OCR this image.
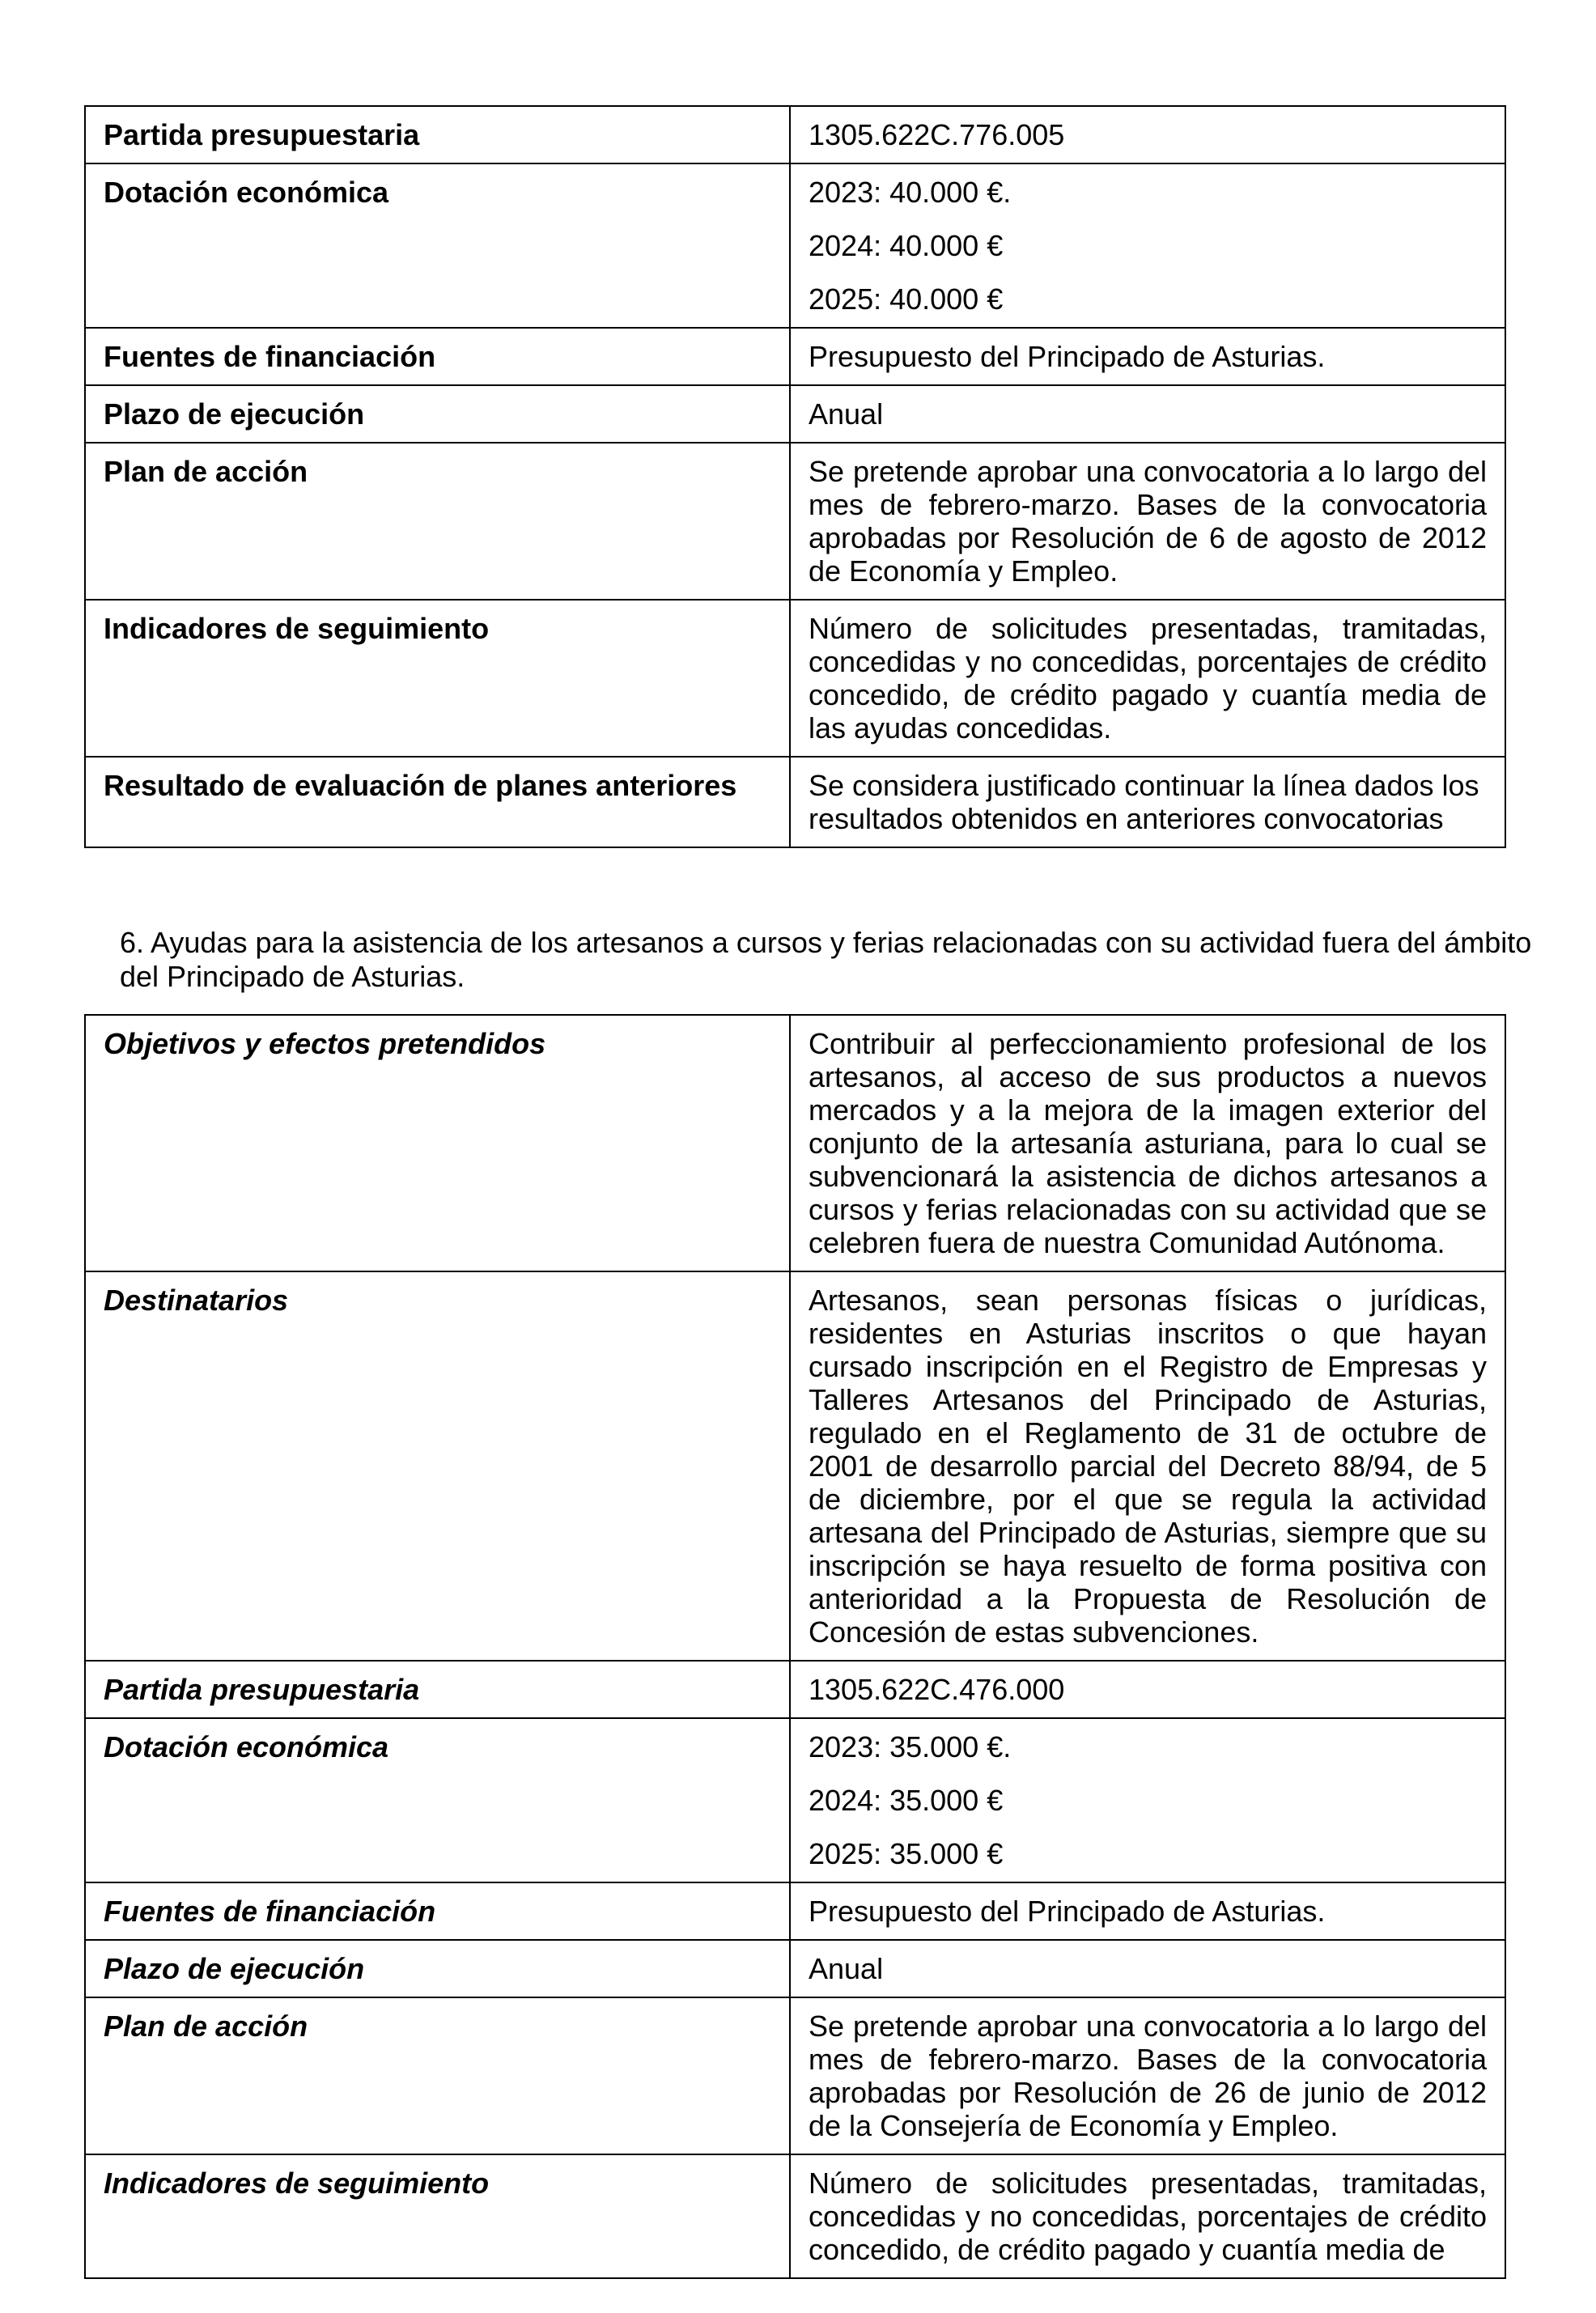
Partida presupuestaria	1305.622C.776.005

Dotación económica	2023: 40.000 €.
2024: 40.000 €
2025: 40.000 €

Fuentes de financiación	Presupuesto del Principado de Asturias.

Plazo de ejecución	Anual

Plan de acción	Se pretende aprobar una convocatoria a lo largo del mes de febrero-marzo. Bases de la convocatoria aprobadas por Resolución de 6 de agosto de 2012 de Economía y Empleo.

Indicadores de seguimiento	Número de solicitudes presentadas, tramitadas, concedidas y no concedidas, porcentajes de crédito concedido, de crédito pagado y cuantía media de las ayudas concedidas.

Resultado de evaluación de planes anteriores	Se considera justificado continuar la línea dados los resultados obtenidos en anteriores convocatorias

6. Ayudas para la asistencia de los artesanos a cursos y ferias relacionadas con su actividad fuera del ámbito del Principado de Asturias.

Objetivos y efectos pretendidos	Contribuir al perfeccionamiento profesional de los artesanos, al acceso de sus productos a nuevos mercados y a la mejora de la imagen exterior del conjunto de la artesanía asturiana, para lo cual se subvencionará la asistencia de dichos artesanos a cursos y ferias relacionadas con su actividad que se celebren fuera de nuestra Comunidad Autónoma.

Destinatarios	Artesanos, sean personas físicas o jurídicas, residentes en Asturias inscritos o que hayan cursado inscripción en el Registro de Empresas y Talleres Artesanos del Principado de Asturias, regulado en el Reglamento de 31 de octubre de 2001 de desarrollo parcial del Decreto 88/94, de 5 de diciembre, por el que se regula la actividad artesana del Principado de Asturias, siempre que su inscripción se haya resuelto de forma positiva con anterioridad a la Propuesta de Resolución de Concesión de estas subvenciones.

Partida presupuestaria	1305.622C.476.000

Dotación económica	2023: 35.000 €.
2024: 35.000 €
2025: 35.000 €

Fuentes de financiación	Presupuesto del Principado de Asturias.

Plazo de ejecución	Anual

Plan de acción	Se pretende aprobar una convocatoria a lo largo del mes de febrero-marzo. Bases de la convocatoria aprobadas por Resolución de 26 de junio de 2012 de la Consejería de Economía y Empleo.

Indicadores de seguimiento	Número de solicitudes presentadas, tramitadas, concedidas y no concedidas, porcentajes de crédito concedido, de crédito pagado y cuantía media de
